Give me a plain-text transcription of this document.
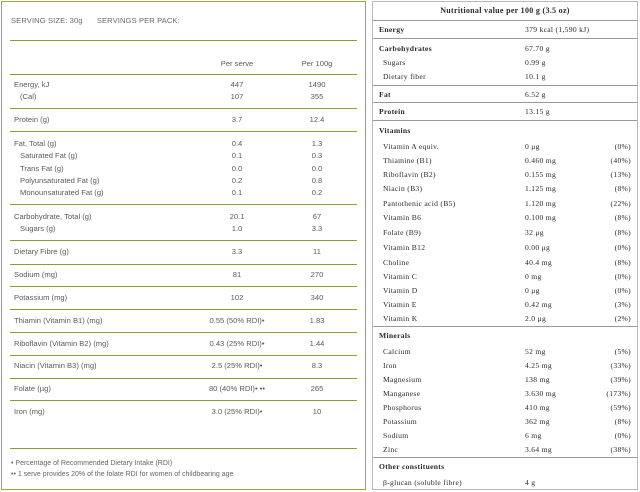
SERVING SIZE: 30g SERVINGS PER PACK:
Per serve	Per 100g
Energy, kJ	447	1490
(Cal)	107	355
Protein (g)	3.7	12.4
Fat, Total (g)	0.4	1.3
Saturated Fat (g)	0.1	0.3
Trans Fat (g)	0.0	0.0
Polyunsaturated Fat (g)	0.2	0.8
Monounsaturated Fat (g)	0.1	0.2
Carbohydrate, Total (g)	20.1	67
Sugars (g)	1.0	3.3
Dietary Fibre (g)	3.3	11
Sodium (mg)	81	270
Potassium (mg)	102	340
Thiamin (Vitamin B1) (mg)	0.55 (50% RDI)•	1.83
Riboflavin (Vitamin B2) (mg)	0.43 (25% RDI)•	1.44
Niacin (Vitamin B3) (mg)	2.5 (25% RDI)•	8.3
Folate (µg)	80 (40% RDI)• ••	265
Iron (mg)	3.0 (25% RDI)•	10
• Percentage of Recommended Dietary Intake (RDI)
•• 1 serve provides 20% of the folate RDI for women of childbearing age
Nutritional value per 100 g (3.5 oz)
Energy	379 kcal (1,590 kJ)
Carbohydrates	67.70 g
Sugars	0.99 g
Dietary fiber	10.1 g
Fat	6.52 g
Protein	13.15 g
Vitamins
Vitamin A equiv.	0 μg	(0%)
Thiamine (B1)	0.460 mg	(40%)
Riboflavin (B2)	0.155 mg	(13%)
Niacin (B3)	1.125 mg	(8%)
Pantothenic acid (B5)	1.120 mg	(22%)
Vitamin B6	0.100 mg	(8%)
Folate (B9)	32 μg	(8%)
Vitamin B12	0.00 μg	(0%)
Choline	40.4 mg	(8%)
Vitamin C	0 mg	(0%)
Vitamin D	0 μg	(0%)
Vitamin E	0.42 mg	(3%)
Vitamin K	2.0 μg	(2%)
Minerals
Calcium	52 mg	(5%)
Iron	4.25 mg	(33%)
Magnesium	138 mg	(39%)
Manganese	3.630 mg	(173%)
Phosphorus	410 mg	(59%)
Potassium	362 mg	(8%)
Sodium	6 mg	(0%)
Zinc	3.64 mg	(38%)
Other constituents
β-glucan (soluble fibre)	4 g
